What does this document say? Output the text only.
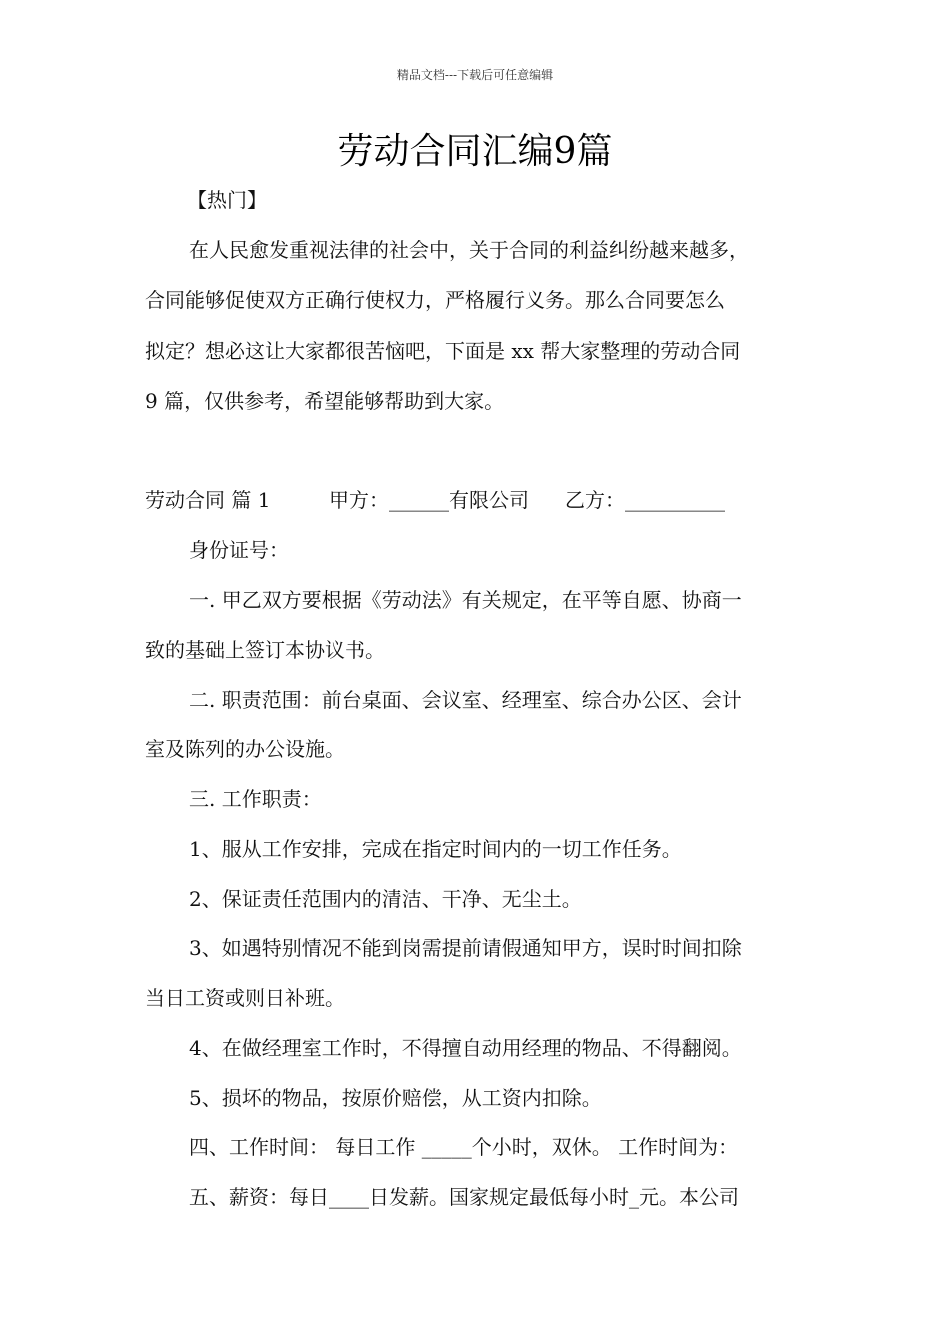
精品文档---下载后可任意编辑
劳动合同汇编9篇
【热门】
在人民愈发重视法律的社会中，关于合同的利益纠纷越来越多，
合同能够促使双方正确行使权力，严格履行义务。那么合同要怎么
拟定？想必这让大家都很苦恼吧，下面是 xx 帮大家整理的劳动合同
9 篇，仅供参考，希望能够帮助到大家。
劳动合同 篇 1	甲方：______有限公司 乙方：__________
身份证号：
一. 甲乙双方要根据《劳动法》有关规定，在平等自愿、协商一
致的基础上签订本协议书。
二. 职责范围：前台桌面、会议室、经理室、综合办公区、会计
室及陈列的办公设施。
三. 工作职责：
1、服从工作安排，完成在指定时间内的一切工作任务。
2、保证责任范围内的清洁、干净、无尘土。
3、如遇特别情况不能到岗需提前请假通知甲方，误时时间扣除
当日工资或则日补班。
4、在做经理室工作时，不得擅自动用经理的物品、不得翻阅。
5、损坏的物品，按原价赔偿，从工资内扣除。
四、工作时间： 每日工作 _____个小时，双休。 工作时间为：
五、薪资：每日____日发薪。国家规定最低每小时_元。本公司
